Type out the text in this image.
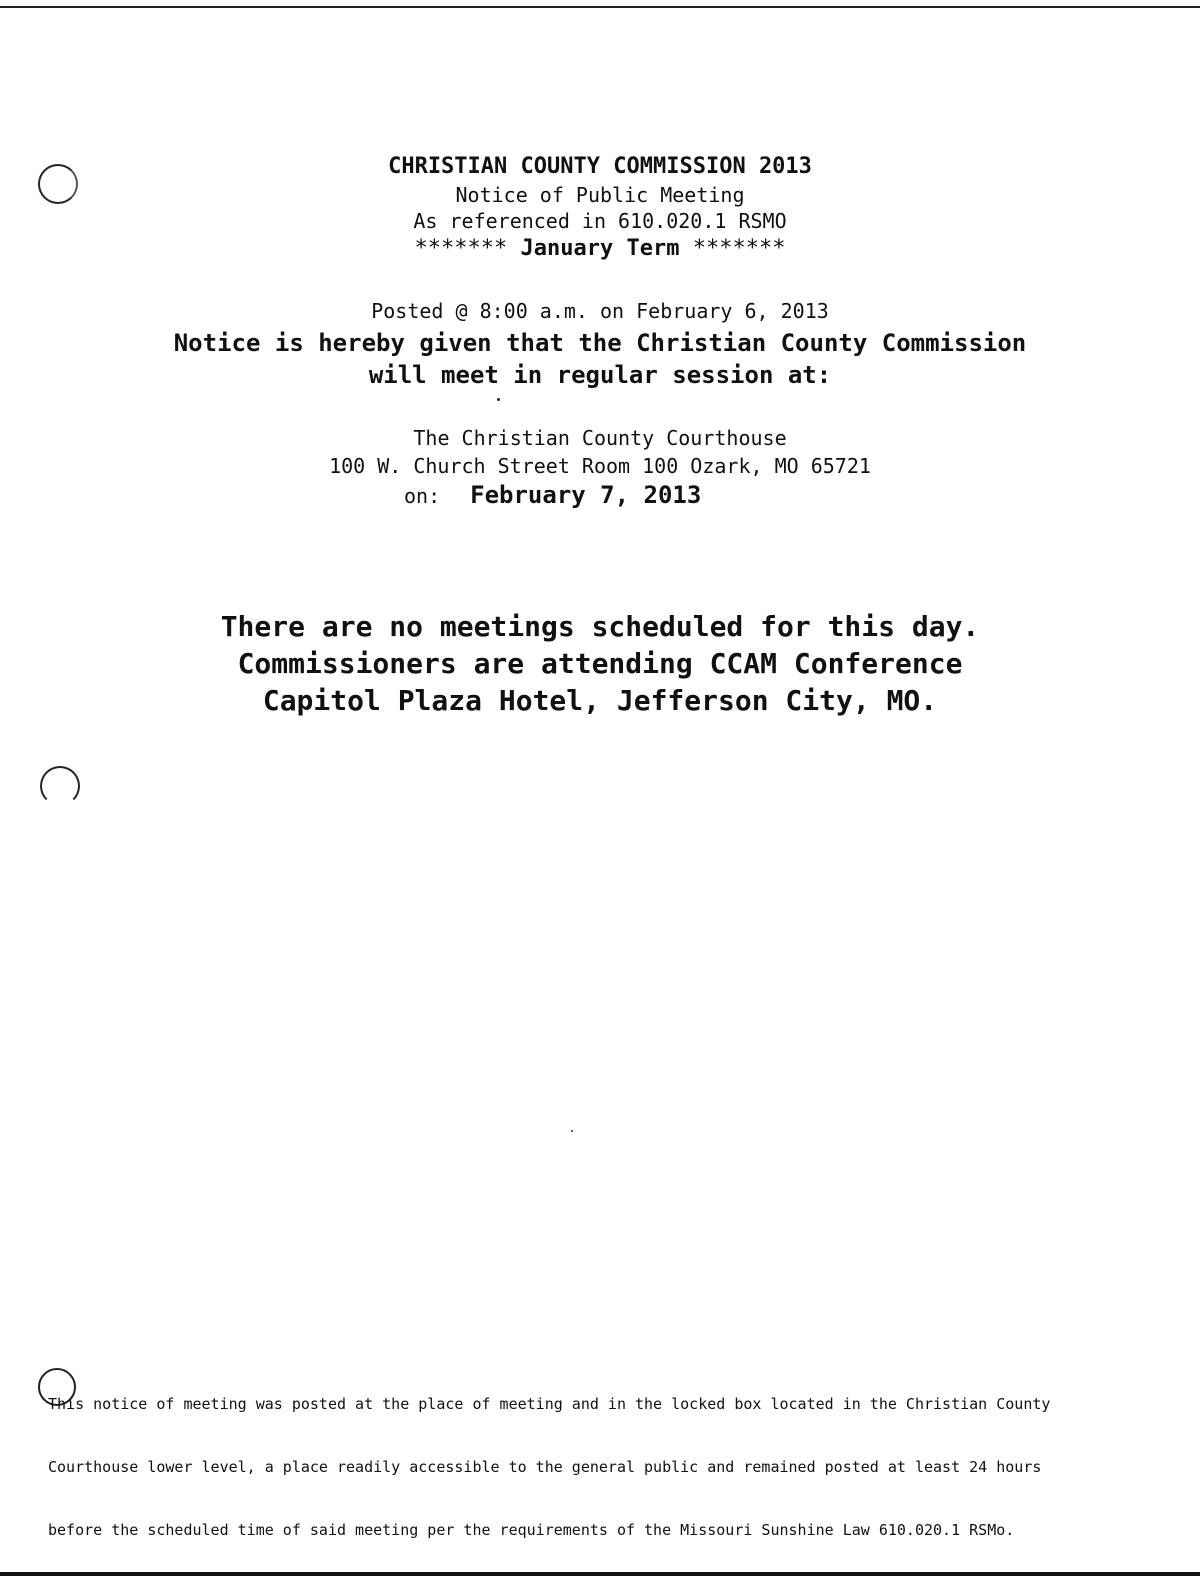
CHRISTIAN COUNTY COMMISSION 2013
Notice of Public Meeting
As referenced in 610.020.1 RSMO
******* January Term *******
Posted @ 8:00 a.m. on February 6, 2013
Notice is hereby given that the Christian County Commission
will meet in regular session at:
The Christian County Courthouse
100 W. Church Street Room 100 Ozark, MO 65721
on: February 7, 2013
There are no meetings scheduled for this day.
Commissioners are attending CCAM Conference
Capitol Plaza Hotel, Jefferson City, MO.

This notice of meeting was posted at the place of meeting and in the locked box located in the Christian County

Courthouse lower level, a place readily accessible to the general public and remained posted at least 24 hours

before the scheduled time of said meeting per the requirements of the Missouri Sunshine Law 610.020.1 RSMo.
